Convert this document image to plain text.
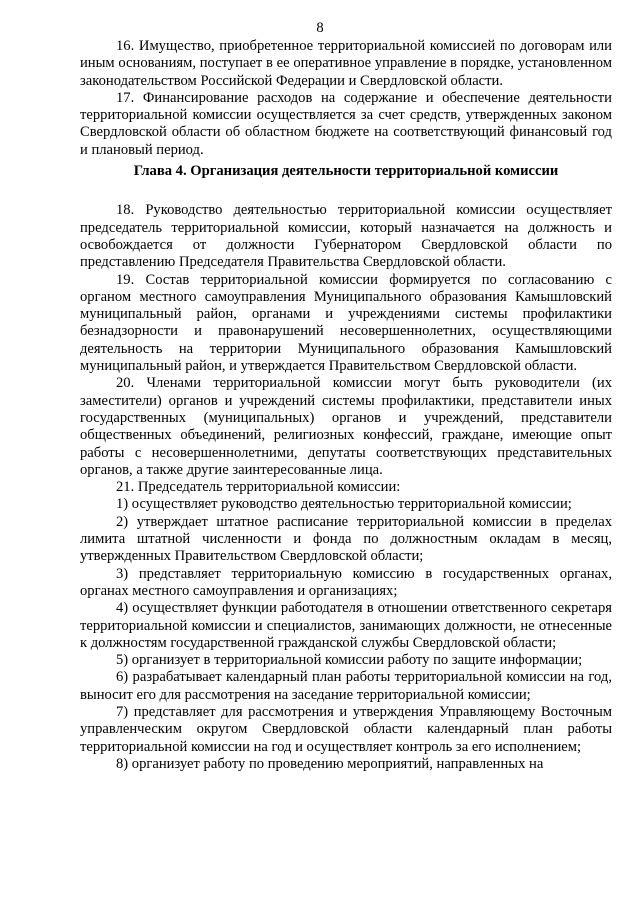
8

16. Имущество, приобретенное территориальной комиссией по договорам или иным основаниям, поступает в ее оперативное управление в порядке, установленном законодательством Российской Федерации и Свердловской области.

17. Финансирование расходов на содержание и обеспечение деятельности территориальной комиссии осуществляется за счет средств, утвержденных законом Свердловской области об областном бюджете на соответствующий финансовый год и плановый период.

Глава 4. Организация деятельности территориальной комиссии

18. Руководство деятельностью территориальной комиссии осуществляет председатель территориальной комиссии, который назначается на должность и освобождается от должности Губернатором Свердловской области по представлению Председателя Правительства Свердловской области.

19. Состав территориальной комиссии формируется по согласованию с органом местного самоуправления Муниципального образования Камышловский муниципальный район, органами и учреждениями системы профилактики безнадзорности и правонарушений несовершеннолетних, осуществляющими деятельность на территории Муниципального образования Камышловский муниципальный район, и утверждается Правительством Свердловской области.

20. Членами территориальной комиссии могут быть руководители (их заместители) органов и учреждений системы профилактики, представители иных государственных (муниципальных) органов и учреждений, представители общественных объединений, религиозных конфессий, граждане, имеющие опыт работы с несовершеннолетними, депутаты соответствующих представительных органов, а также другие заинтересованные лица.

21. Председатель территориальной комиссии:

1) осуществляет руководство деятельностью территориальной комиссии;

2) утверждает штатное расписание территориальной комиссии в пределах лимита штатной численности и фонда по должностным окладам в месяц, утвержденных Правительством Свердловской области;

3) представляет территориальную комиссию в государственных органах, органах местного самоуправления и организациях;

4) осуществляет функции работодателя в отношении ответственного секретаря территориальной комиссии и специалистов, занимающих должности, не отнесенные к должностям государственной гражданской службы Свердловской области;

5) организует в территориальной комиссии работу по защите информации;

6) разрабатывает календарный план работы территориальной комиссии на год, выносит его для рассмотрения на заседание территориальной комиссии;

7) представляет для рассмотрения и утверждения Управляющему Восточным управленческим округом Свердловской области календарный план работы территориальной комиссии на год и осуществляет контроль за его исполнением;

8) организует работу по проведению мероприятий, направленных на
